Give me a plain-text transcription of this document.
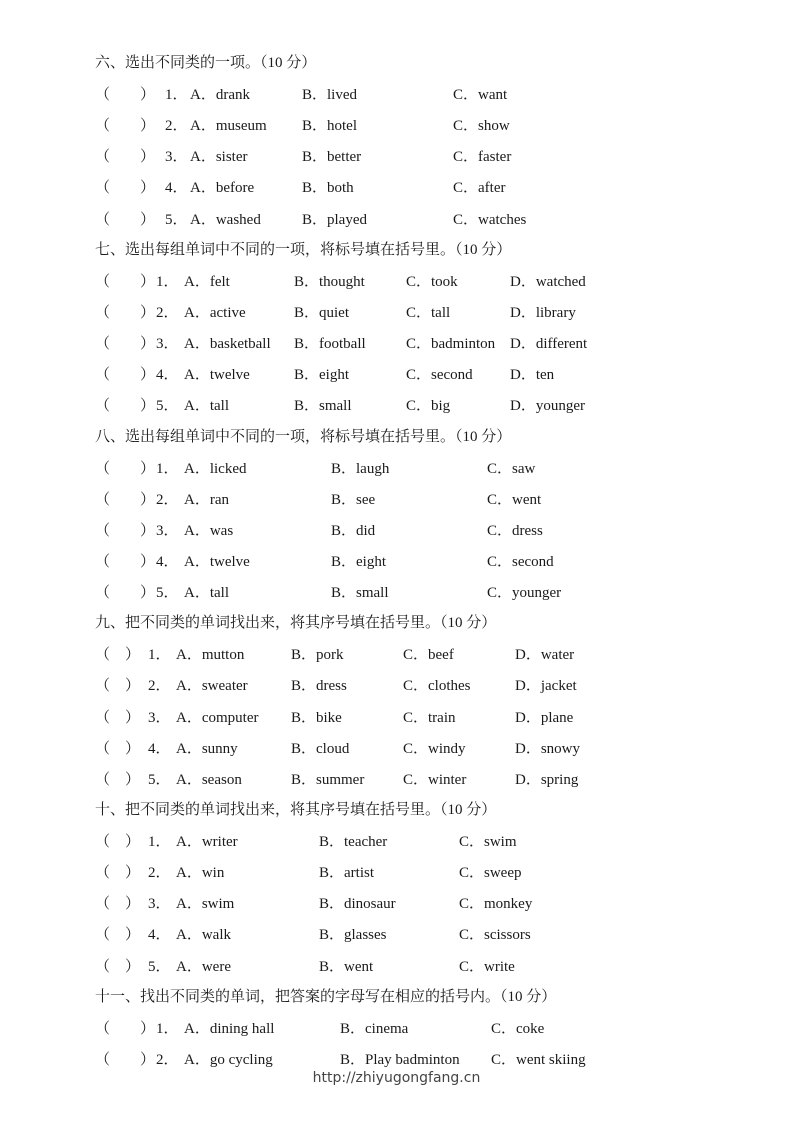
六、选出不同类的一项。（10 分）
（　　） 1． A．drank	B．lived	C．want
（　　） 2． A．museum B．hotel	C．show
（　　） 3． A．sister	B．better	C．faster
（　　） 4． A．before	B．both	C．after
（　　） 5． A．washed	B．played	C．watches
七、选出每组单词中不同的一项，将标号填在括号里。（10 分）
（　　） 1． A．felt	B．thought	C．took	D．watched
（　　） 2． A．active	B．quiet	C．tall	D．library
（　　） 3． A．basketball B．football	C．badminton D．different
（　　） 4． A．twelve	B．eight	C．second D．ten
（　　） 5． A．tall	B．small	C．big	D．younger
八、选出每组单词中不同的一项，将标号填在括号里。（10 分）
（　　） 1． A．licked	B．laugh	C．saw
（　　） 2． A．ran	B．see	C．went
（　　） 3． A．was	B．did	C．dress
（　　） 4． A．twelve	B．eight	C．second
（　　） 5． A．tall	B．small	C．younger
九、把不同类的单词找出来，将其序号填在括号里。（10 分）
（　） 1． A．mutton	B．pork	C．beef	D．water
（　） 2． A．sweater	B．dress	C．clothes	D．jacket
（　） 3． A．computer B．bike	C．train	D．plane
（　） 4． A．sunny	B．cloud	C．windy	D．snowy
（　） 5． A．season	B．summer	C．winter	D．spring
十、把不同类的单词找出来，将其序号填在括号里。（10 分）
（　） 1． A．writer	B．teacher	C．swim
（　） 2． A．win	B．artist	C．sweep
（　） 3． A．swim	B．dinosaur	C．monkey
（　） 4． A．walk	B．glasses	C．scissors
（　） 5． A．were	B．went	C．write
十一、找出不同类的单词，把答案的字母写在相应的括号内。（10 分）
（　　） 1． A．dining hall	B．cinema	C．coke
（　　） 2． A．go cycling	B．Play badminton C．went skiing
http://zhiyugongfang.cn
